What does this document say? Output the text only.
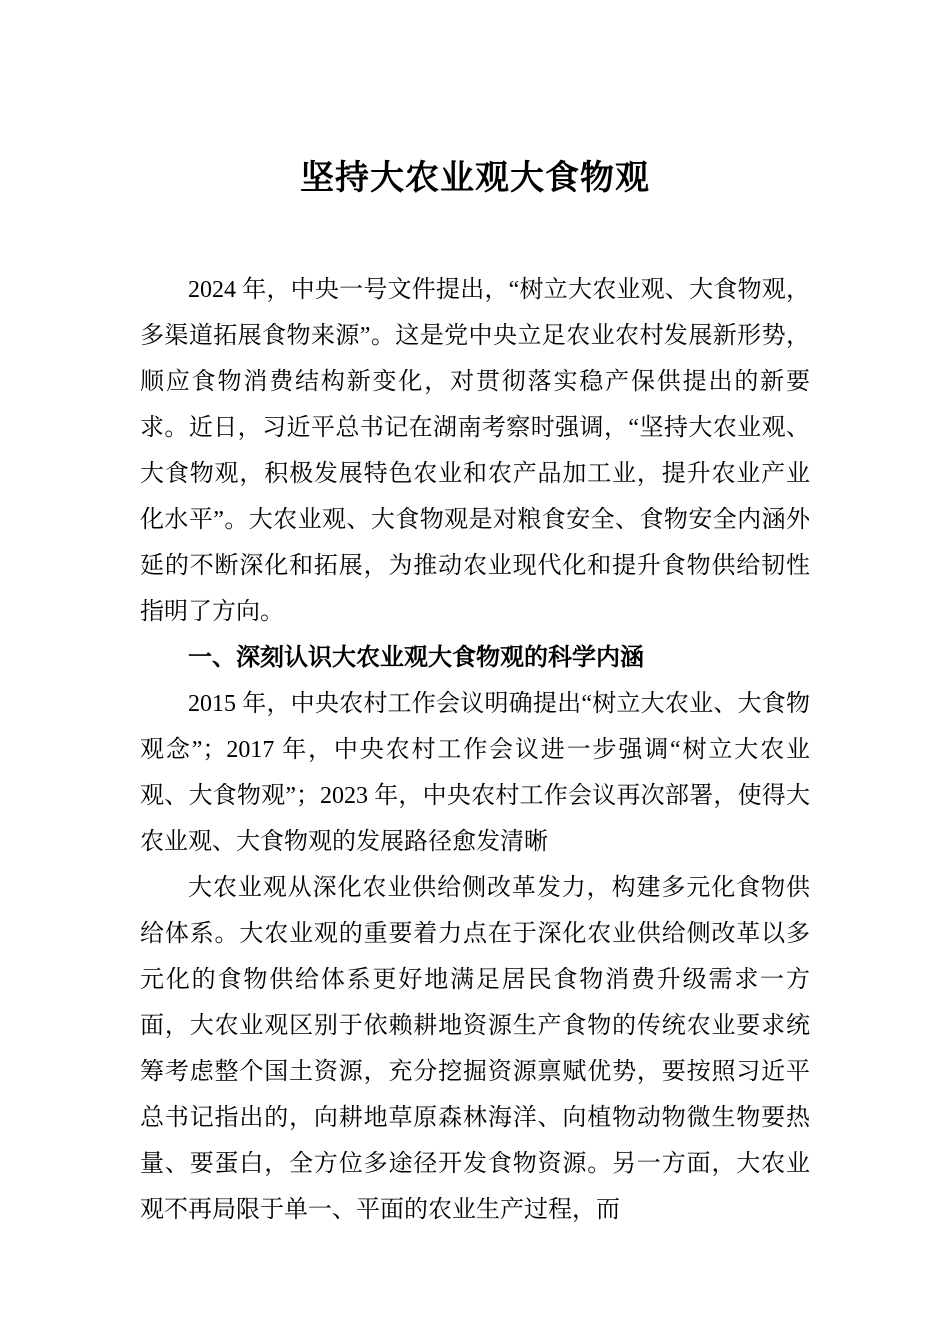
坚持大农业观大食物观

2024 年，中央一号文件提出，“树立大农业观、大食物观，多渠道拓展食物来源”。这是党中央立足农业农村发展新形势，顺应食物消费结构新变化，对贯彻落实稳产保供提出的新要求。近日，习近平总书记在湖南考察时强调，“坚持大农业观、大食物观，积极发展特色农业和农产品加工业，提升农业产业化水平”。大农业观、大食物观是对粮食安全、食物安全内涵外延的不断深化和拓展，为推动农业现代化和提升食物供给韧性指明了方向。

一、深刻认识大农业观大食物观的科学内涵

2015 年，中央农村工作会议明确提出“树立大农业、大食物观念”；2017 年，中央农村工作会议进一步强调“树立大农业观、大食物观”；2023 年，中央农村工作会议再次部署，使得大农业观、大食物观的发展路径愈发清晰

大农业观从深化农业供给侧改革发力，构建多元化食物供给体系。大农业观的重要着力点在于深化农业供给侧改革以多元化的食物供给体系更好地满足居民食物消费升级需求一方面，大农业观区别于依赖耕地资源生产食物的传统农业要求统筹考虑整个国土资源，充分挖掘资源禀赋优势，要按照习近平总书记指出的，向耕地草原森林海洋、向植物动物微生物要热量、要蛋白，全方位多途径开发食物资源。另一方面，大农业观不再局限于单一、平面的农业生产过程，而
